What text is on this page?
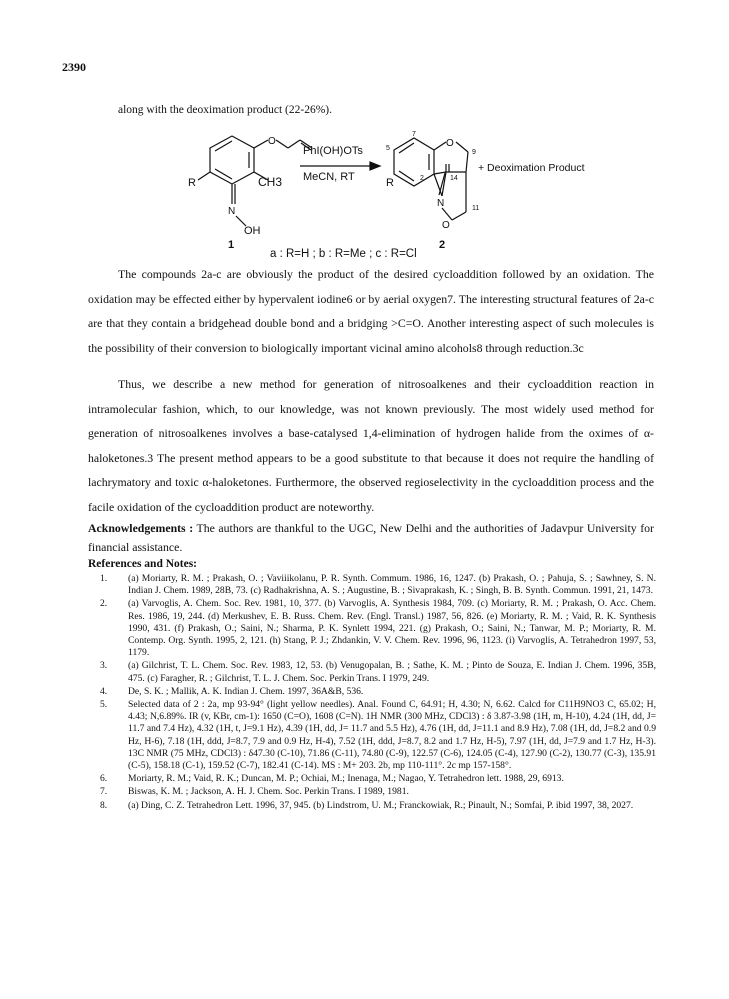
2390
along with the deoximation product (22-26%).
O
CH3
R
N
OH
1
PhI(OH)OTs
MeCN, RT
O
R
N
O
2
5
7
9
2	14
11
+ Deoximation Product
a : R=H ; b : R=Me ; c : R=Cl
The compounds 2a-c are obviously the product of the desired cycloaddition followed by an oxidation. The oxidation may be effected either by hypervalent iodine6 or by aerial oxygen7. The interesting structural features of 2a-c are that they contain a bridgehead double bond and a bridging >C=O. Another interesting aspect of such molecules is the possibility of their conversion to biologically important vicinal amino alcohols8 through reduction.3c
Thus, we describe a new method for generation of nitrosoalkenes and their cycloaddition reaction in intramolecular fashion, which, to our knowledge, was not known previously. The most widely used method for generation of nitrosoalkenes involves a base-catalysed 1,4-elimination of hydrogen halide from the oximes of α-haloketones.3 The present method appears to be a good substitute to that because it does not require the handling of lachrymatory and toxic α-haloketones. Furthermore, the observed regioselectivity in the cycloaddition process and the facile oxidation of the cycloaddition product are noteworthy.
Acknowledgements : The authors are thankful to the UGC, New Delhi and the authorities of Jadavpur University for financial assistance.
References and Notes:
1.	(a) Moriarty, R. M. ; Prakash, O. ; Vaviiikolanu, P. R. Synth. Commum. 1986, 16, 1247. (b) Prakash, O. ; Pahuja, S. ; Sawhney, S. N. Indian J. Chem. 1989, 28B, 73. (c) Radhakrishna, A. S. ; Augustine, B. ; Sivaprakash, K. ; Singh, B. B. Synth. Commun. 1991, 21, 1473.
2.	(a) Varvoglis, A. Chem. Soc. Rev. 1981, 10, 377. (b) Varvoglis, A. Synthesis 1984, 709. (c) Moriarty, R. M. ; Prakash, O. Acc. Chem. Res. 1986, 19, 244. (d) Merkushev, E. B. Russ. Chem. Rev. (Engl. Transl.) 1987, 56, 826. (e) Moriarty, R. M. ; Vaid, R. K. Synthesis 1990, 431. (f) Prakash, O.; Saini, N.; Sharma, P. K. Synlett 1994, 221. (g) Prakash, O.; Saini, N.; Tanwar, M. P.; Moriarty, R. M. Contemp. Org. Synth. 1995, 2, 121. (h) Stang, P. J.; Zhdankin, V. V. Chem. Rev. 1996, 96, 1123. (i) Varvoglis, A. Tetrahedron 1997, 53, 1179.
3.	(a) Gilchrist, T. L. Chem. Soc. Rev. 1983, 12, 53. (b) Venugopalan, B. ; Sathe, K. M. ; Pinto de Souza, E. Indian J. Chem. 1996, 35B, 475. (c) Faragher, R. ; Gilchrist, T. L. J. Chem. Soc. Perkin Trans. I 1979, 249.
4.	De, S. K. ; Mallik, A. K. Indian J. Chem. 1997, 36A&B, 536.
5.	Selected data of 2 : 2a, mp 93-94° (light yellow needles). Anal. Found C, 64.91; H, 4.30; N, 6.62. Calcd for C11H9NO3 C, 65.02; H, 4.43; N,6.89%. IR (v, KBr, cm-1): 1650 (C=O), 1608 (C=N). 1H NMR (300 MHz, CDCl3) : δ 3.87-3.98 (1H, m, H-10), 4.24 (1H, dd, J= 11.7 and 7.4 Hz), 4.32 (1H, t, J=9.1 Hz), 4.39 (1H, dd, J= 11.7 and 5.5 Hz), 4.76 (1H, dd, J=11.1 and 8.9 Hz), 7.08 (1H, dd, J=8.2 and 0.9 Hz, H-6), 7.18 (1H, ddd, J=8.7, 7.9 and 0.9 Hz, H-4), 7.52 (1H, ddd, J=8.7, 8.2 and 1.7 Hz, H-5), 7.97 (1H, dd, J=7.9 and 1.7 Hz, H-3). 13C NMR (75 MHz, CDCl3) : δ47.30 (C-10), 71.86 (C-11), 74.80 (C-9), 122.57 (C-6), 124.05 (C-4), 127.90 (C-2), 130.77 (C-3), 135.91 (C-5), 158.18 (C-1), 159.52 (C-7), 182.41 (C-14). MS : M+ 203. 2b, mp 110-111°. 2c mp 157-158°.
6.	Moriarty, R. M.; Vaid, R. K.; Duncan, M. P.; Ochiai, M.; Inenaga, M.; Nagao, Y. Tetrahedron lett. 1988, 29, 6913.
7.	Biswas, K. M. ; Jackson, A. H. J. Chem. Soc. Perkin Trans. I 1989, 1981.
8.	(a) Ding, C. Z. Tetrahedron Lett. 1996, 37, 945. (b) Lindstrom, U. M.; Franckowiak, R.; Pinault, N.; Somfai, P. ibid 1997, 38, 2027.
